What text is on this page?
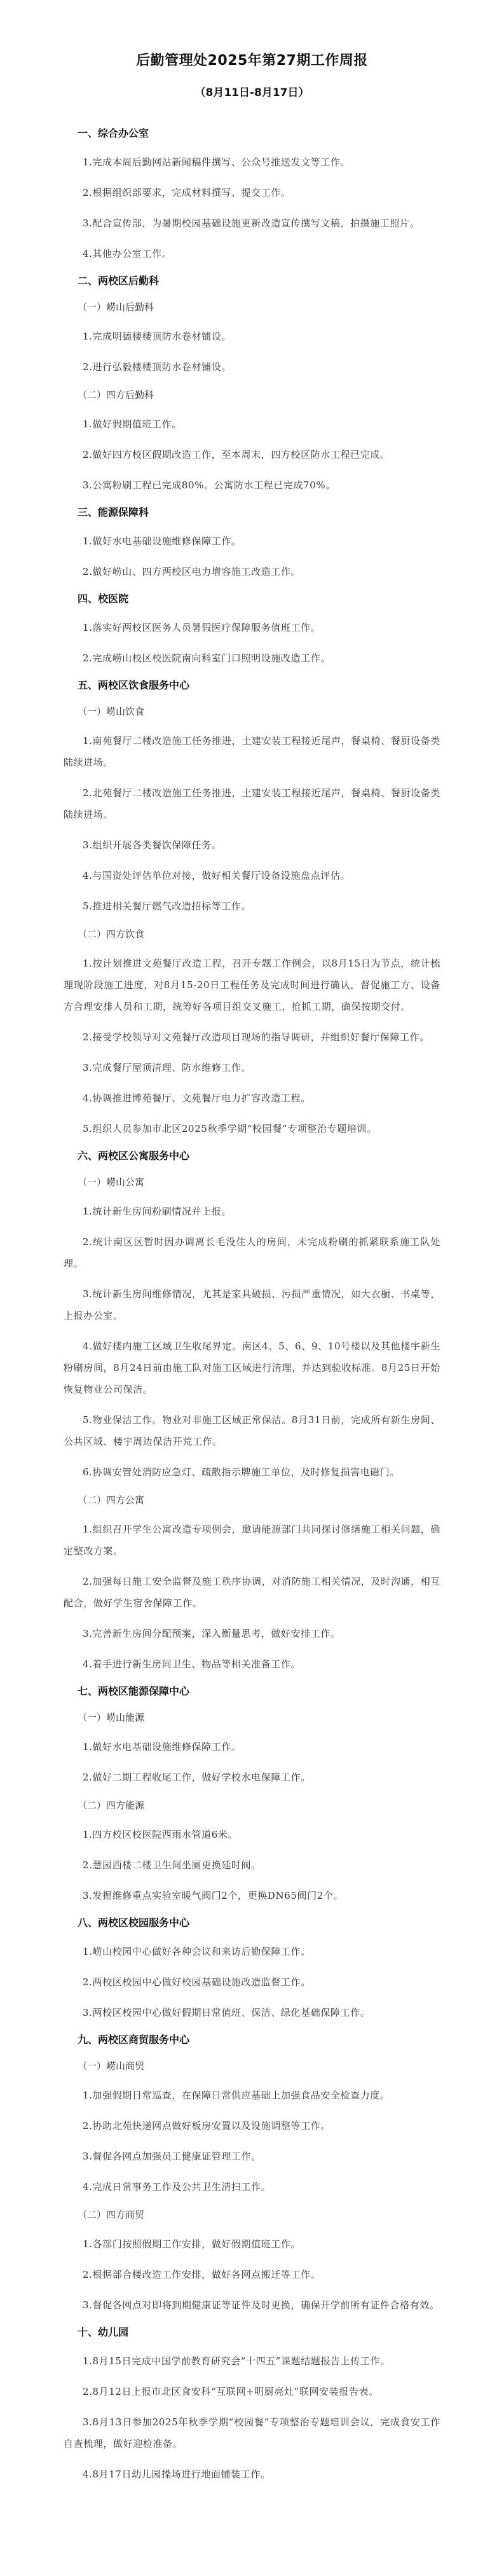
后勤管理处2025年第27期工作周报
（8月11日-8月17日）
一、综合办公室

1.完成本周后勤网站新闻稿件撰写、公众号推送发文等工作。

2.根据组织部要求，完成材料撰写、提交工作。

3.配合宣传部，为暑期校园基础设施更新改造宣传撰写文稿，拍摄施工照片。

4.其他办公室工作。

二、两校区后勤科
（一）崂山后勤科

1.完成明德楼楼顶防水卷材铺设。

2.进行弘毅楼楼顶防水卷材铺设。

（二）四方后勤科

1.做好假期值班工作。

2.做好四方校区假期改造工作，至本周末，四方校区防水工程已完成。

3.公寓粉刷工程已完成80%。公寓防水工程已完成70%。

三、能源保障科

1.做好水电基础设施维修保障工作。

2.做好崂山、四方两校区电力增容施工改造工作。

四、校医院

1.落实好两校区医务人员暑假医疗保障服务值班工作。

2.完成崂山校区校医院南向科室门口照明设施改造工作。

五、两校区饮食服务中心
（一）崂山饮食

1.南苑餐厅二楼改造施工任务推进，土建安装工程接近尾声，餐桌椅、餐厨设备类陆续进场。

2.北苑餐厅二楼改造施工任务推进，土建安装工程接近尾声，餐桌椅、餐厨设备类陆续进场。

3.组织开展各类餐饮保障任务。

4.与国资处评估单位对接，做好相关餐厅设备设施盘点评估。

5.推进相关餐厅燃气改造招标等工作。

（二）四方饮食

1.按计划推进文苑餐厅改造工程，召开专题工作例会，以8月15日为节点，统计梳理现阶段施工进度，对8月15-20日工程任务及完成时间进行确认，督促施工方、设备方合理安排人员和工期，统筹好各项目组交叉施工，抢抓工期，确保按期交付。

2.接受学校领导对文苑餐厅改造项目现场的指导调研，并组织好餐厅保障工作。

3.完成餐厅屋顶清理、防水维修工作。

4.协调推进博苑餐厅、文苑餐厅电力扩容改造工程。

5.组织人员参加市北区2025秋季学期“校园餐”专项整治专题培训。

六、两校区公寓服务中心
（一）崂山公寓

1.统计新生房间粉刷情况并上报。

2.统计南区区暂时因办调离长毛没住人的房间，未完成粉刷的抓紧联系施工队处理。

3.统计新生房间维修情况，尤其是家具破损、污损严重情况，如大衣橱、书桌等，上报办公室。

4.做好楼内施工区域卫生收尾界定。南区4、5、6、9、10号楼以及其他楼宇新生粉刷房间，8月24日前由施工队对施工区域进行清理，并达到验收标准。8月25日开始恢复物业公司保洁。

5.物业保洁工作。物业对非施工区域正常保洁。8月31日前，完成所有新生房间、公共区域、楼宇周边保洁开荒工作。

6.协调安管处消防应急灯、疏散指示牌施工单位，及时修复损害电磁门。

（二）四方公寓

1.组织召开学生公寓改造专项例会，邀请能源部门共同探讨修缮施工相关问题，确定整改方案。

2.加强每日施工安全监督及施工秩序协调，对消防施工相关情况，及时沟通，相互配合，做好学生宿舍保障工作。

3.完善新生房间分配预案，深入衡量思考，做好安排工作。

4.着手进行新生房间卫生、物品等相关准备工作。

七、两校区能源保障中心
（一）崂山能源

1.做好水电基础设施维修保障工作。

2.做好二期工程收尾工作，做好学校水电保障工作。

（二）四方能源

1.四方校区校医院西雨水管道6米。

2.慧园西楼二楼卫生间坐厕更换延时阀。

3.发掘维修重点实验室暖气阀门2个，更换DN65阀门2个。

八、两校区校园服务中心

1.崂山校园中心做好各种会议和来访后勤保障工作。

2.两校区校园中心做好校园基础设施改造监督工作。

3.两校区校园中心做好假期日常值班、保洁、绿化基础保障工作。

九、两校区商贸服务中心
（一）崂山商贸

1.加强假期日常巡查，在保障日常供应基础上加强食品安全检查力度。

2.协助北苑快递网点做好板房安置以及设施调整等工作。

3.督促各网点加强员工健康证管理工作。

4.完成日常事务工作及公共卫生清扫工作。

（二）四方商贸

1.各部门按照假期工作安排，做好假期值班工作。

2.根据部合楼改造工作安排，做好各网点搬迁等工作。

3.督促各网点对即将到期健康证等证件及时更换，确保开学前所有证件合格有效。

十、幼儿园

1.8月15日完成中国学前教育研究会“十四五”课题结题报告上传工作。

2.8月12日上报市北区食安科“互联网+明厨亮灶”联网安装报告表。

3.8月13日参加2025年秋季学期“校园餐”专项整治专题培训会议，完成食安工作自查梳理，做好迎检准备。

4.8月17日幼儿园操场进行地面铺装工作。
